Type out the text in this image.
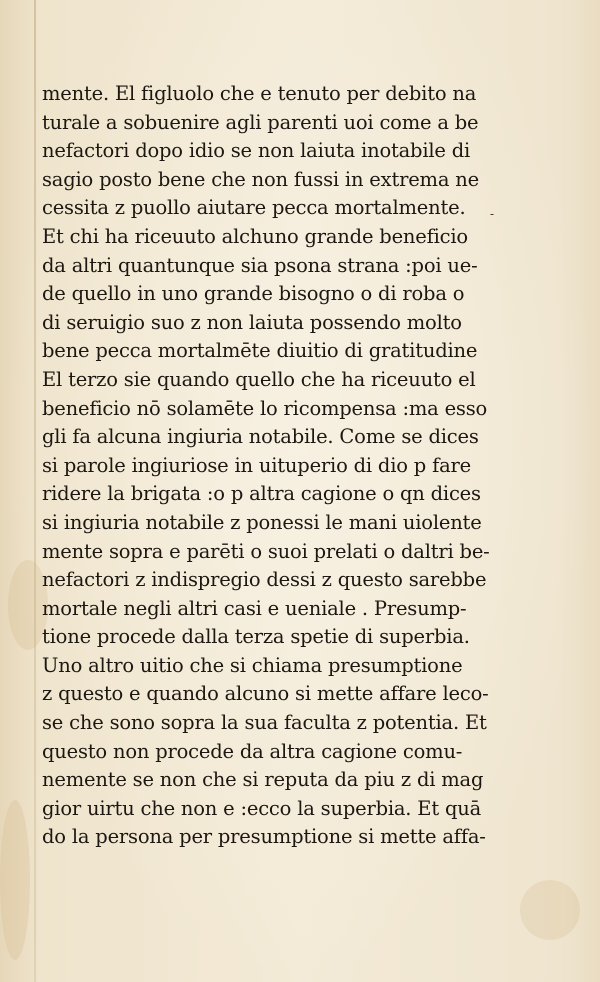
mente. El figluolo che e tenuto per debito na
turale a sobuenire agli parenti uoi come a be
nefactori dopo idio se non laiuta inotabile di
sagio posto bene che non fussi in extrema ne
cessita z puollo aiutare pecca mortalmente.
Et chi ha riceuuto alchuno grande beneficio
da altri quantunque sia psona strana :poi ue-
de quello in uno grande bisogno o di roba o
di seruigio suo z non laiuta possendo molto
bene pecca mortalmēte diuitio di gratitudine
El terzo sie quando quello che ha riceuuto el
beneficio nō solamēte lo ricompensa :ma esso
gli fa alcuna ingiuria notabile. Come se dices
si parole ingiuriose in uituperio di dio p fare
ridere la brigata :o p altra cagione o qn dices
si ingiuria notabile z ponessi le mani uiolente
mente sopra e parēti o suoi prelati o daltri be-
nefactori z indispregio dessi z questo sarebbe
mortale negli altri casi e ueniale . Presump-
tione procede dalla terza spetie di superbia.
Uno altro uitio che si chiama presumptione
z questo e quando alcuno si mette affare leco-
se che sono sopra la sua faculta z potentia. Et
questo non procede da altra cagione comu-
nemente se non che si reputa da piu z di mag
gior uirtu che non e :ecco la superbia. Et quā
do la persona per presumptione si mette affa-
-
